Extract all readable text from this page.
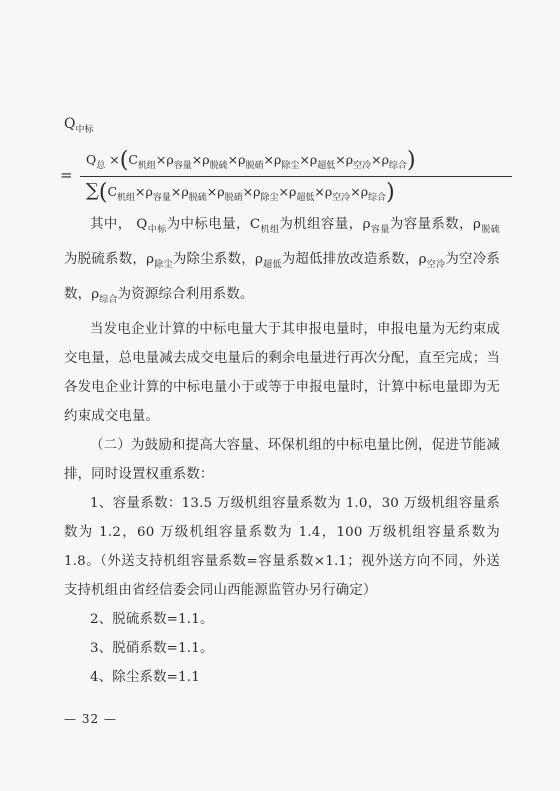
$Q_{中标}$
=
$Q_总 \times(C_{机组}\times\rho_{容量}\times\rho_{脱硫}\times\rho_{脱硝}\times\rho_{除尘}\times\rho_{超低}\times\rho_{空冷}\times\rho_{综合})$
$\sum(C_{机组}\times\rho_{容量}\times\rho_{脱硫}\times\rho_{脱硝}\times\rho_{除尘}\times\rho_{超低}\times\rho_{空冷}\times\rho_{综合})$

其中， $Q_{中标}$为中标电量，$C_{机组}$为机组容量，$\rho_{容量}$为容量系数，$\rho_{脱硫}$为脱硫系数，$\rho_{除尘}$为除尘系数，$\rho_{超低}$为超低排放改造系数，$\rho_{空冷}$为空冷系数，$\rho_{综合}$为资源综合利用系数。

当发电企业计算的中标电量大于其申报电量时，申报电量为无约束成交电量，总电量减去成交电量后的剩余电量进行再次分配，直至完成；当各发电企业计算的中标电量小于或等于申报电量时，计算中标电量即为无约束成交电量。

（二）为鼓励和提高大容量、环保机组的中标电量比例，促进节能减排，同时设置权重系数：

1、容量系数：13.5 万级机组容量系数为 1.0，30 万级机组容量系数为 1.2，60 万级机组容量系数为 1.4，100 万级机组容量系数为 1.8。（外送支持机组容量系数=容量系数×1.1；视外送方向不同，外送支持机组由省经信委会同山西能源监管办另行确定）

2、脱硫系数=1.1。

3、脱硝系数=1.1。

4、除尘系数=1.1

— 32 —
